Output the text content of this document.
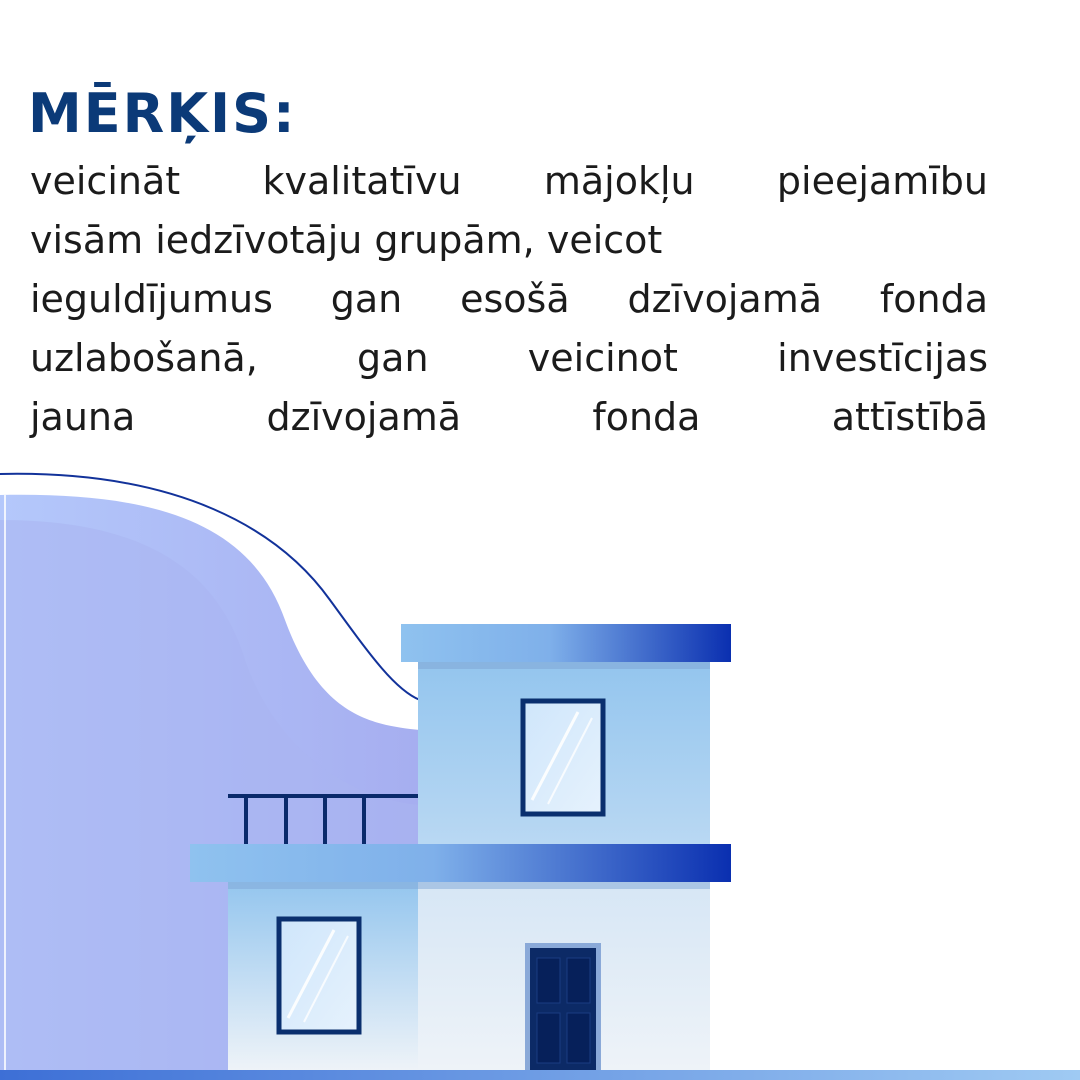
MĒRĶIS:
veicināt kvalitatīvu mājokļu pieejamību
visām iedzīvotāju grupām, veicot
ieguldījumus gan esošā dzīvojamā fonda
uzlabošanā, gan veicinot investīcijas
jauna dzīvojamā fonda attīstībā
